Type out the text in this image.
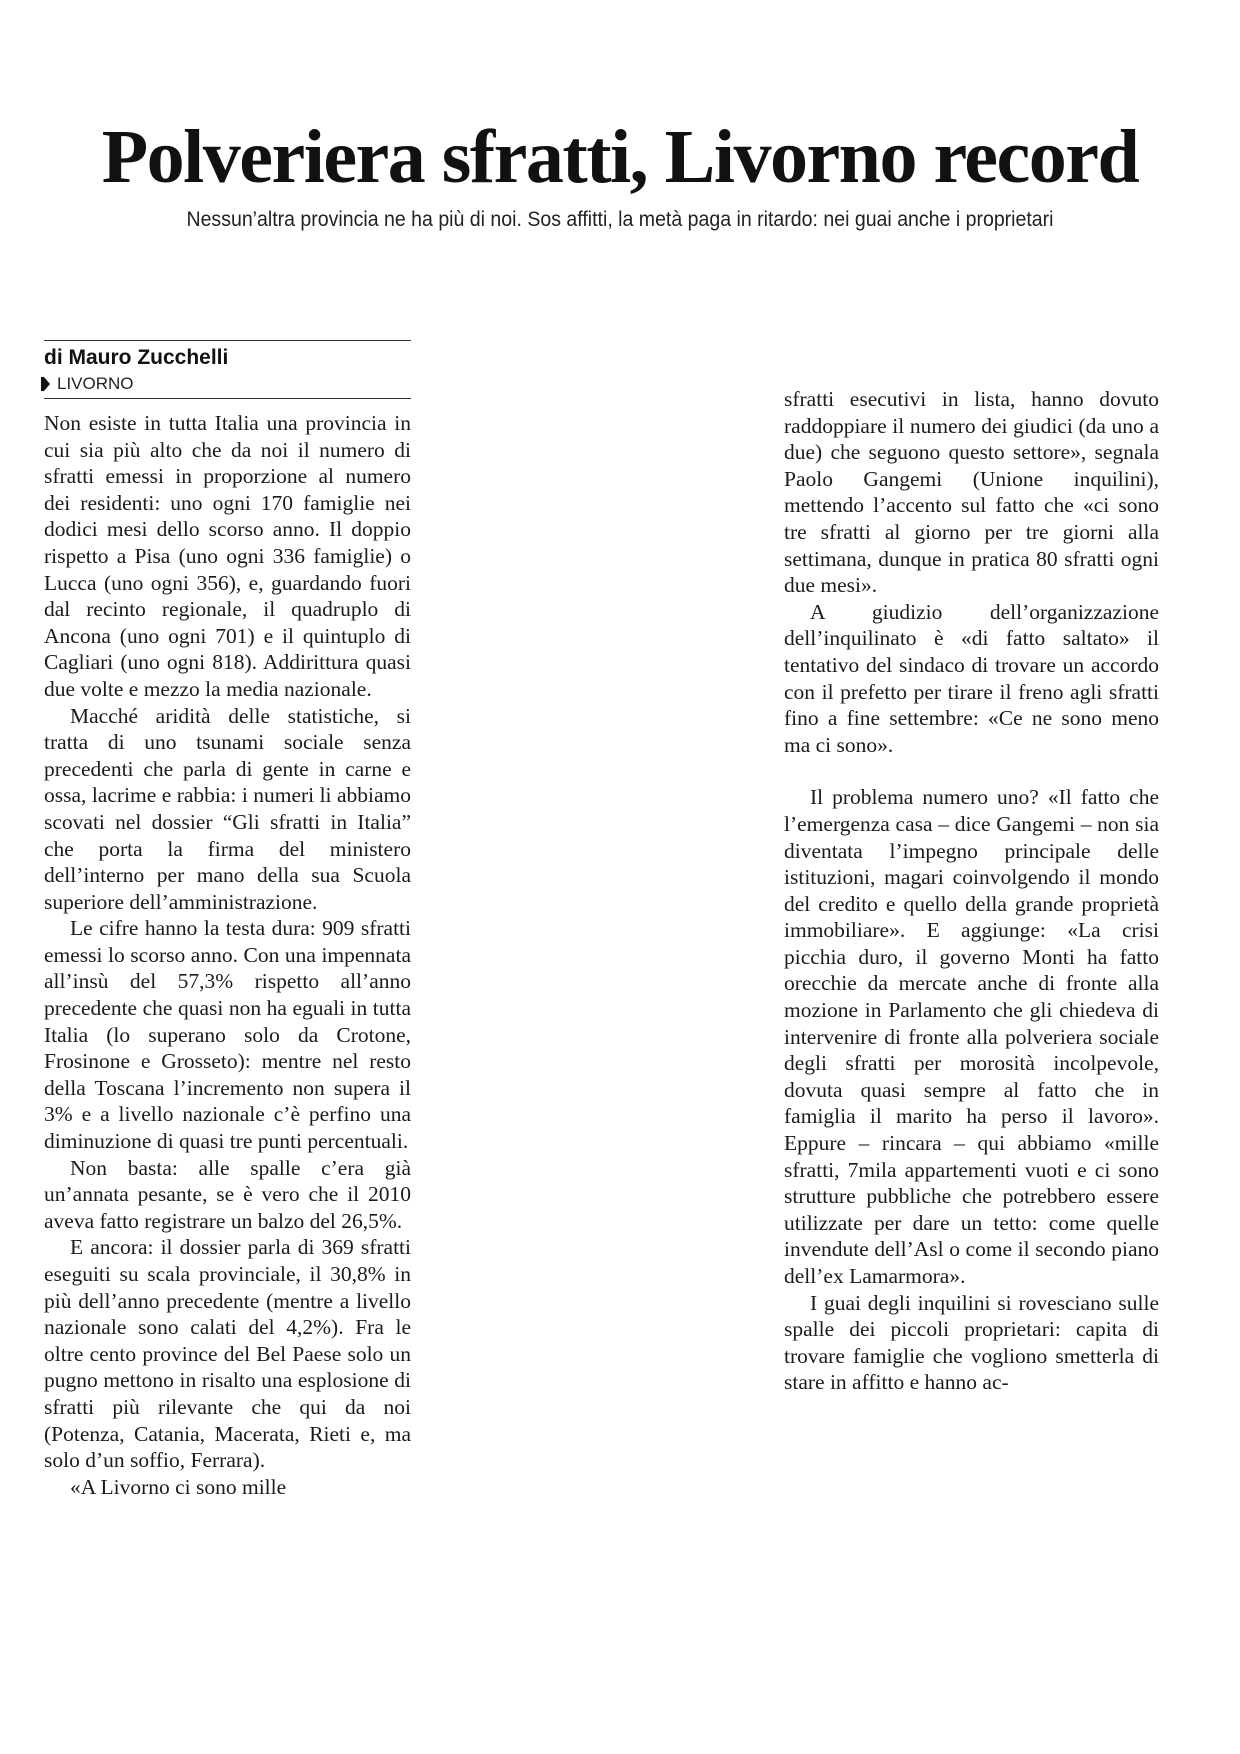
Polveriera sfratti, Livorno record

Nessun’altra provincia ne ha più di noi. Sos affitti, la metà paga in ritardo: nei guai anche i proprietari

di Mauro Zucchelli
LIVORNO

Non esiste in tutta Italia una provincia in cui sia più alto che da noi il numero di sfratti emessi in proporzione al numero dei residenti: uno ogni 170 famiglie nei dodici mesi dello scorso anno. Il doppio rispetto a Pisa (uno ogni 336 famiglie) o Lucca (uno ogni 356), e, guardando fuori dal recinto regionale, il quadruplo di Ancona (uno ogni 701) e il quintuplo di Cagliari (uno ogni 818). Addirittura quasi due volte e mezzo la media nazionale.

Macché aridità delle statistiche, si tratta di uno tsunami sociale senza precedenti che parla di gente in carne e ossa, lacrime e rabbia: i numeri li abbiamo scovati nel dossier “Gli sfratti in Italia” che porta la firma del ministero dell’interno per mano della sua Scuola superiore dell’amministrazione.

Le cifre hanno la testa dura: 909 sfratti emessi lo scorso anno. Con una impennata all’insù del 57,3% rispetto all’anno precedente che quasi non ha eguali in tutta Italia (lo superano solo da Crotone, Frosinone e Grosseto): mentre nel resto della Toscana l’incremento non supera il 3% e a livello nazionale c’è perfino una diminuzione di quasi tre punti percentuali.

Non basta: alle spalle c’era già un’annata pesante, se è vero che il 2010 aveva fatto registrare un balzo del 26,5%.

E ancora: il dossier parla di 369 sfratti eseguiti su scala provinciale, il 30,8% in più dell’anno precedente (mentre a livello nazionale sono calati del 4,2%). Fra le oltre cento province del Bel Paese solo un pugno mettono in risalto una esplosione di sfratti più rilevante che qui da noi (Potenza, Catania, Macerata, Rieti e, ma solo d’un soffio, Ferrara).

«A Livorno ci sono mille

sfratti esecutivi in lista, hanno dovuto raddoppiare il numero dei giudici (da uno a due) che seguono questo settore», segnala Paolo Gangemi (Unione inquilini), mettendo l’accento sul fatto che «ci sono tre sfratti al giorno per tre giorni alla settimana, dunque in pratica 80 sfratti ogni due mesi».

A giudizio dell’organizzazione dell’inquilinato è «di fatto saltato» il tentativo del sindaco di trovare un accordo con il prefetto per tirare il freno agli sfratti fino a fine settembre: «Ce ne sono meno ma ci sono».

Il problema numero uno? «Il fatto che l’emergenza casa – dice Gangemi – non sia diventata l’impegno principale delle istituzioni, magari coinvolgendo il mondo del credito e quello della grande proprietà immobiliare». E aggiunge: «La crisi picchia duro, il governo Monti ha fatto orecchie da mercate anche di fronte alla mozione in Parlamento che gli chiedeva di intervenire di fronte alla polveriera sociale degli sfratti per morosità incolpevole, dovuta quasi sempre al fatto che in famiglia il marito ha perso il lavoro». Eppure – rincara – qui abbiamo «mille sfratti, 7mila appartementi vuoti e ci sono strutture pubbliche che potrebbero essere utilizzate per dare un tetto: come quelle invendute dell’Asl o come il secondo piano dell’ex Lamarmora».

I guai degli inquilini si rovesciano sulle spalle dei piccoli proprietari: capita di trovare famiglie che vogliono smetterla di stare in affitto e hanno ac-
